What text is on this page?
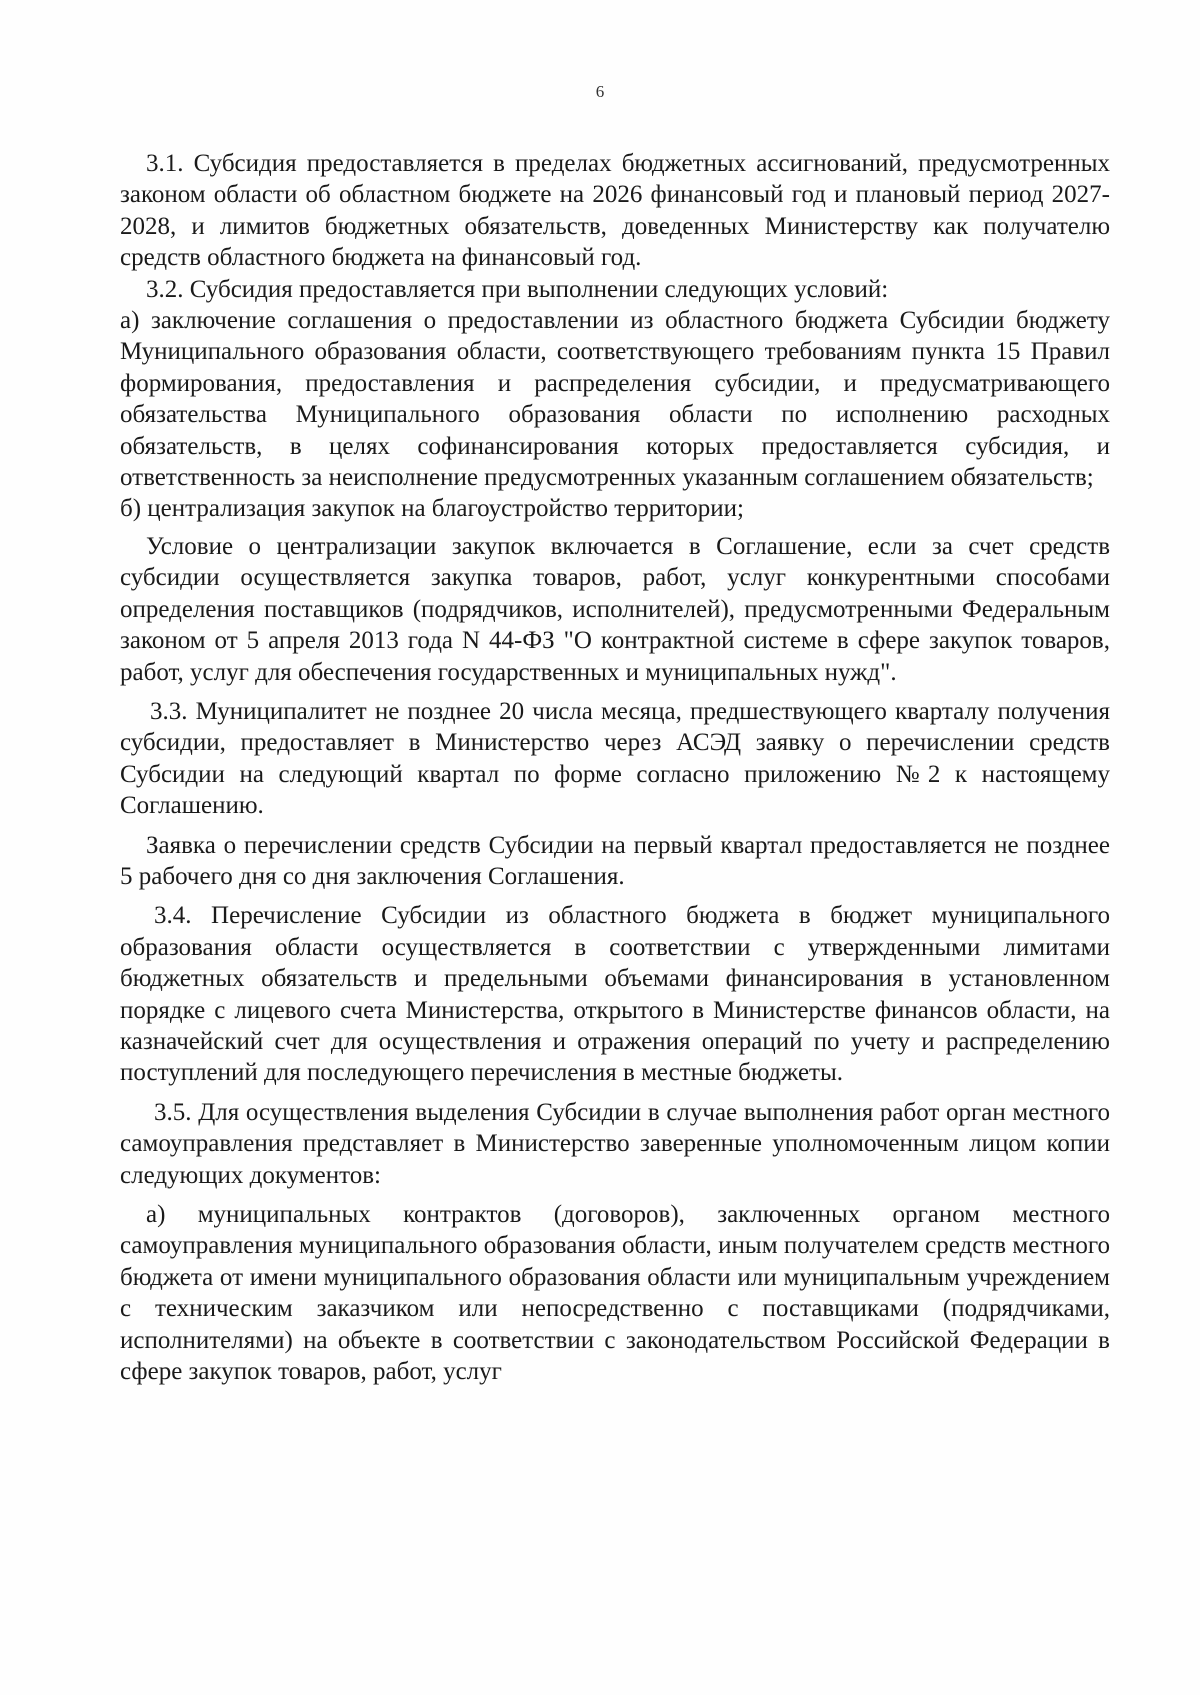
6

3.1. Субсидия предоставляется в пределах бюджетных ассигнований, предусмотренных законом области об областном бюджете на 2026 финансовый год и плановый период 2027-2028, и лимитов бюджетных обязательств, доведенных Министерству как получателю средств областного бюджета на финансовый год.

3.2. Субсидия предоставляется при выполнении следующих условий:

а) заключение соглашения о предоставлении из областного бюджета Субсидии бюджету Муниципального образования области, соответствующего требованиям пункта 15 Правил формирования, предоставления и распределения субсидии, и предусматривающего обязательства Муниципального образования области по исполнению расходных обязательств, в целях софинансирования которых предоставляется субсидия, и ответственность за неисполнение предусмотренных указанным соглашением обязательств;

б) централизация закупок на благоустройство территории;

Условие о централизации закупок включается в Соглашение, если за счет средств субсидии осуществляется закупка товаров, работ, услуг конкурентными способами определения поставщиков (подрядчиков, исполнителей), предусмотренными Федеральным законом от 5 апреля 2013 года N 44-ФЗ "О контрактной системе в сфере закупок товаров, работ, услуг для обеспечения государственных и муниципальных нужд".

3.3. Муниципалитет не позднее 20 числа месяца, предшествующего кварталу получения субсидии, предоставляет в Министерство через АСЭД заявку о перечислении средств Субсидии на следующий квартал по форме согласно приложению №2 к настоящему Соглашению.

Заявка о перечислении средств Субсидии на первый квартал предоставляется не позднее 5 рабочего дня со дня заключения Соглашения.

3.4. Перечисление Субсидии из областного бюджета в бюджет муниципального образования области осуществляется в соответствии с утвержденными лимитами бюджетных обязательств и предельными объемами финансирования в установленном порядке с лицевого счета Министерства, открытого в Министерстве финансов области, на казначейский счет для осуществления и отражения операций по учету и распределению поступлений для последующего перечисления в местные бюджеты.

3.5. Для осуществления выделения Субсидии в случае выполнения работ орган местного самоуправления представляет в Министерство заверенные уполномоченным лицом копии следующих документов:

а) муниципальных контрактов (договоров), заключенных органом местного самоуправления муниципального образования области, иным получателем средств местного бюджета от имени муниципального образования области или муниципальным учреждением с техническим заказчиком или непосредственно с поставщиками (подрядчиками, исполнителями) на объекте в соответствии с законодательством Российской Федерации в сфере закупок товаров, работ, услуг
